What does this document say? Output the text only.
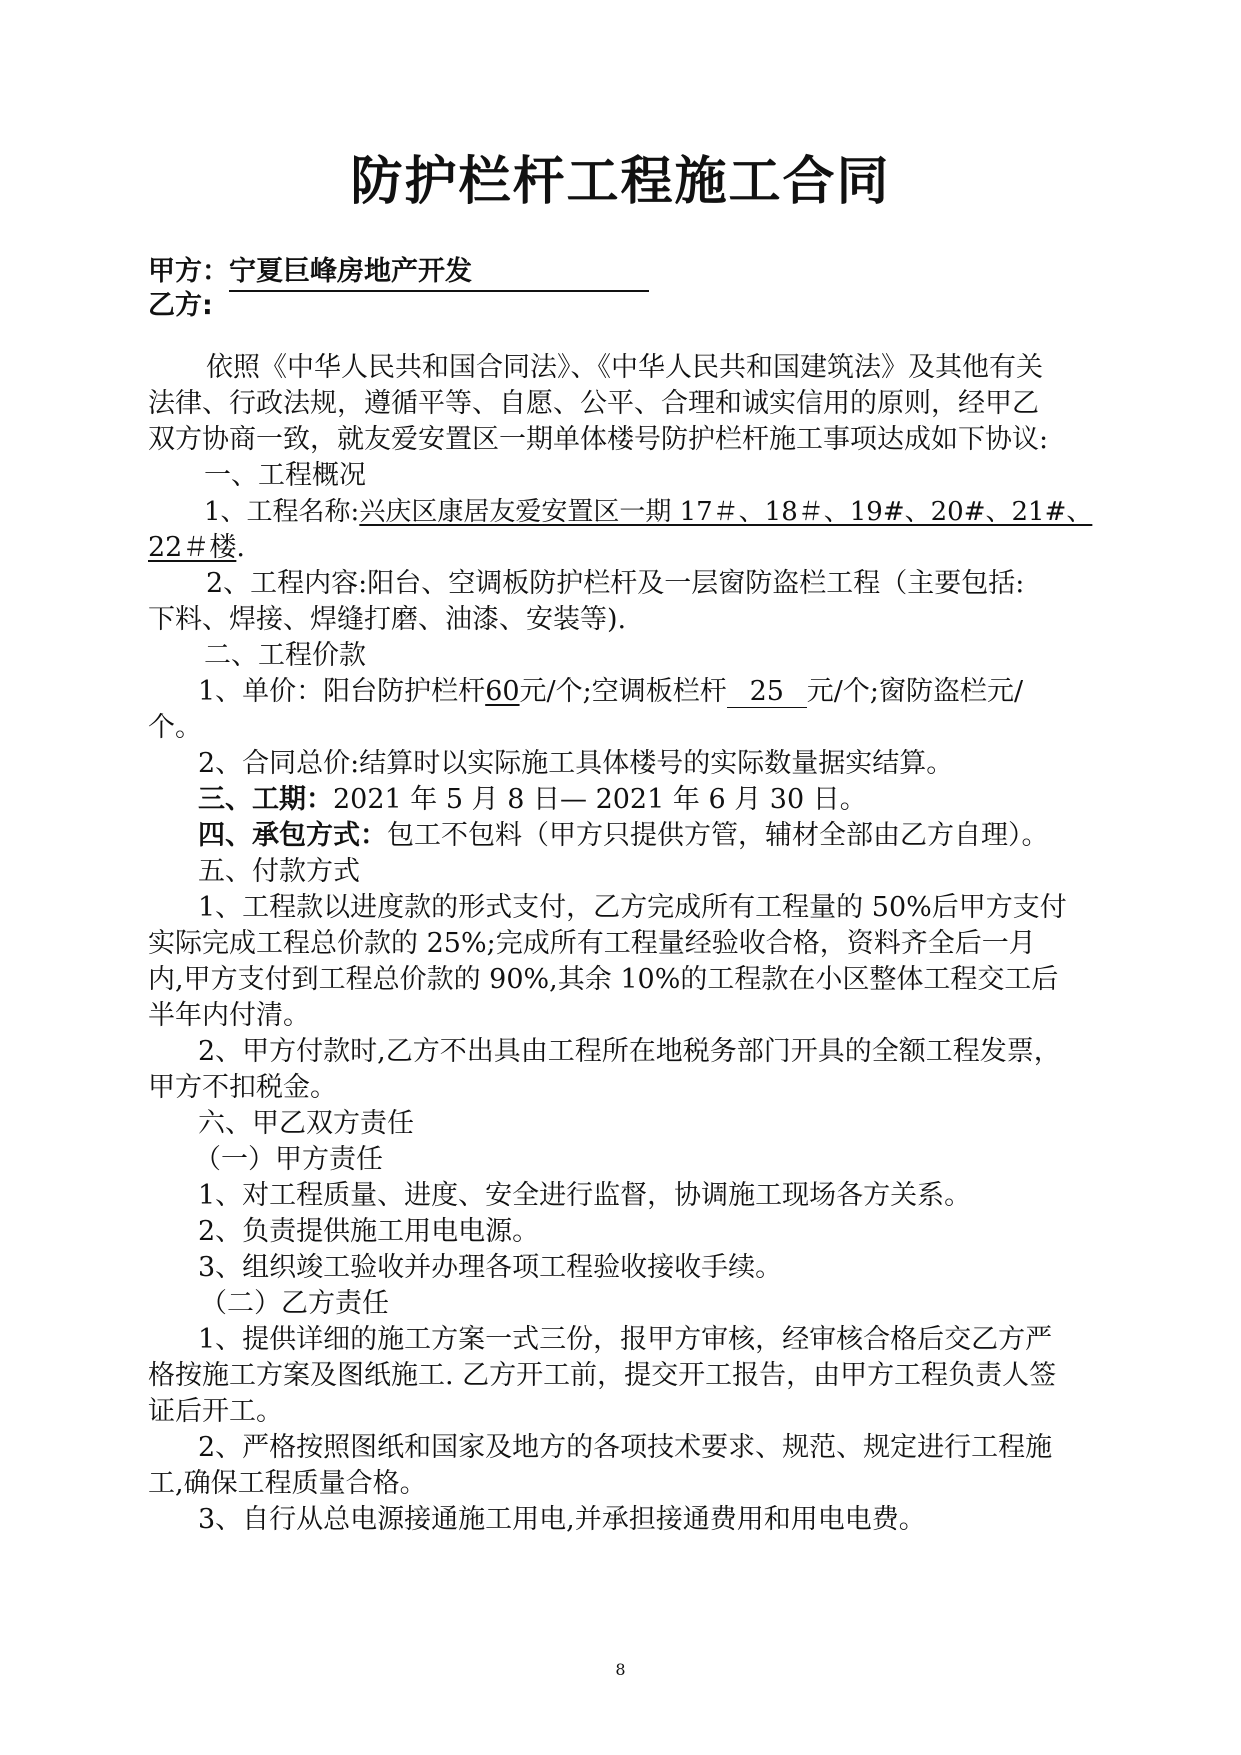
防护栏杆工程施工合同
甲方：宁夏巨峰房地产开发
乙方:
依照《中华人民共和国合同法》、《中华人民共和国建筑法》及其他有关
法律、行政法规，遵循平等、自愿、公平、合理和诚实信用的原则，经甲乙
双方协商一致，就友爱安置区一期单体楼号防护栏杆施工事项达成如下协议:
一、工程概况
1、工程名称:兴庆区康居友爱安置区一期 17＃、18＃、19#、20#、21#、
22＃楼.
2、工程内容:阳台、空调板防护栏杆及一层窗防盗栏工程（主要包括:
下料、焊接、焊缝打磨、油漆、安装等).
二、工程价款
1、单价：阳台防护栏杆60元/个;空调板栏杆 25 元/个;窗防盗栏元/
个。
2、合同总价:结算时以实际施工具体楼号的实际数量据实结算。
三、工期：2021 年 5 月 8 日— 2021 年 6 月 30 日。
四、承包方式：包工不包料（甲方只提供方管，辅材全部由乙方自理）。
五、付款方式
1、工程款以进度款的形式支付，乙方完成所有工程量的 50%后甲方支付
实际完成工程总价款的 25%;完成所有工程量经验收合格，资料齐全后一月
内,甲方支付到工程总价款的 90%,其余 10%的工程款在小区整体工程交工后
半年内付清。
2、甲方付款时,乙方不出具由工程所在地税务部门开具的全额工程发票，
甲方不扣税金。
六、甲乙双方责任
（一）甲方责任
1、对工程质量、进度、安全进行监督，协调施工现场各方关系。
2、负责提供施工用电电源。
3、组织竣工验收并办理各项工程验收接收手续。
（二）乙方责任
1、提供详细的施工方案一式三份，报甲方审核，经审核合格后交乙方严
格按施工方案及图纸施工. 乙方开工前，提交开工报告，由甲方工程负责人签
证后开工。
2、严格按照图纸和国家及地方的各项技术要求、规范、规定进行工程施
工,确保工程质量合格。
3、自行从总电源接通施工用电,并承担接通费用和用电电费。
8
